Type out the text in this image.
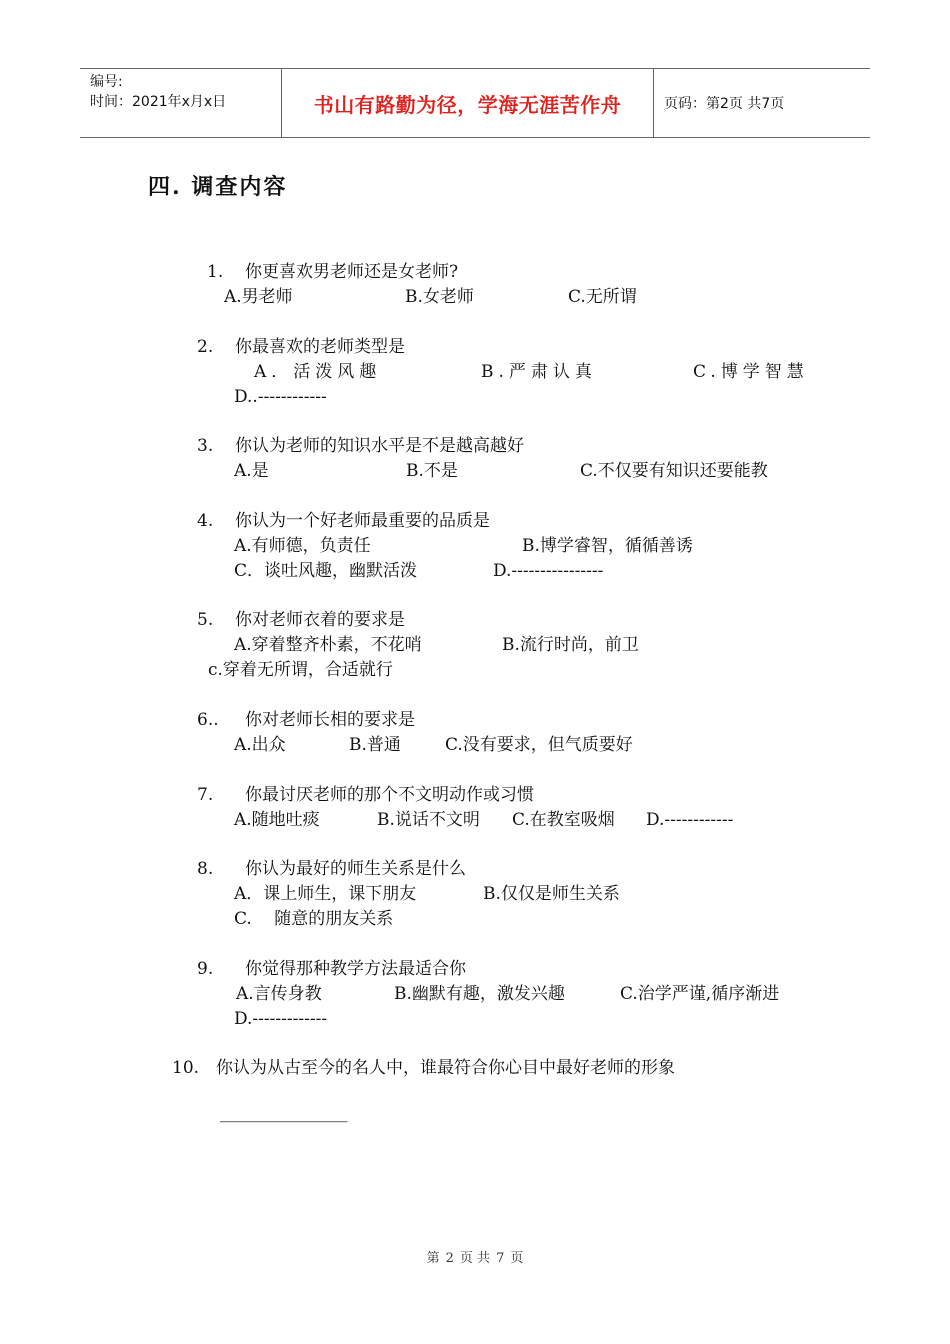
编号:
时间：2021年x月x日	书山有路勤为径，学海无涯苦作舟	页码：第2页 共7页
四. 调查内容
1. 你更喜欢男老师还是女老师?
A.男老师	B.女老师	C.无所谓
2. 你最喜欢的老师类型是
A．活泼风趣	B.严肃认真	C.博学智慧
D..------------
3. 你认为老师的知识水平是不是越高越好
A.是	B.不是	C.不仅要有知识还要能教
4. 你认为一个好老师最重要的品质是
A.有师德，负责任	B.博学睿智，循循善诱
C．谈吐风趣，幽默活泼	D.----------------
5. 你对老师衣着的要求是
A.穿着整齐朴素，不花哨	B.流行时尚，前卫
c.穿着无所谓，合适就行
6.. 你对老师长相的要求是
A.出众	B.普通	C.没有要求，但气质要好
7. 你最讨厌老师的那个不文明动作或习惯
A.随地吐痰	B.说话不文明 C.在教室吸烟 D.------------
8. 你认为最好的师生关系是什么
A．课上师生，课下朋友	B.仅仅是师生关系
C.　 随意的朋友关系
9. 你觉得那种教学方法最适合你
A.言传身教	B.幽默有趣，激发兴趣	C.治学严谨,循序渐进
D.-------------
10. 你认为从古至今的名人中，谁最符合你心目中最好老师的形象
_______________
第 2 页 共 7 页
